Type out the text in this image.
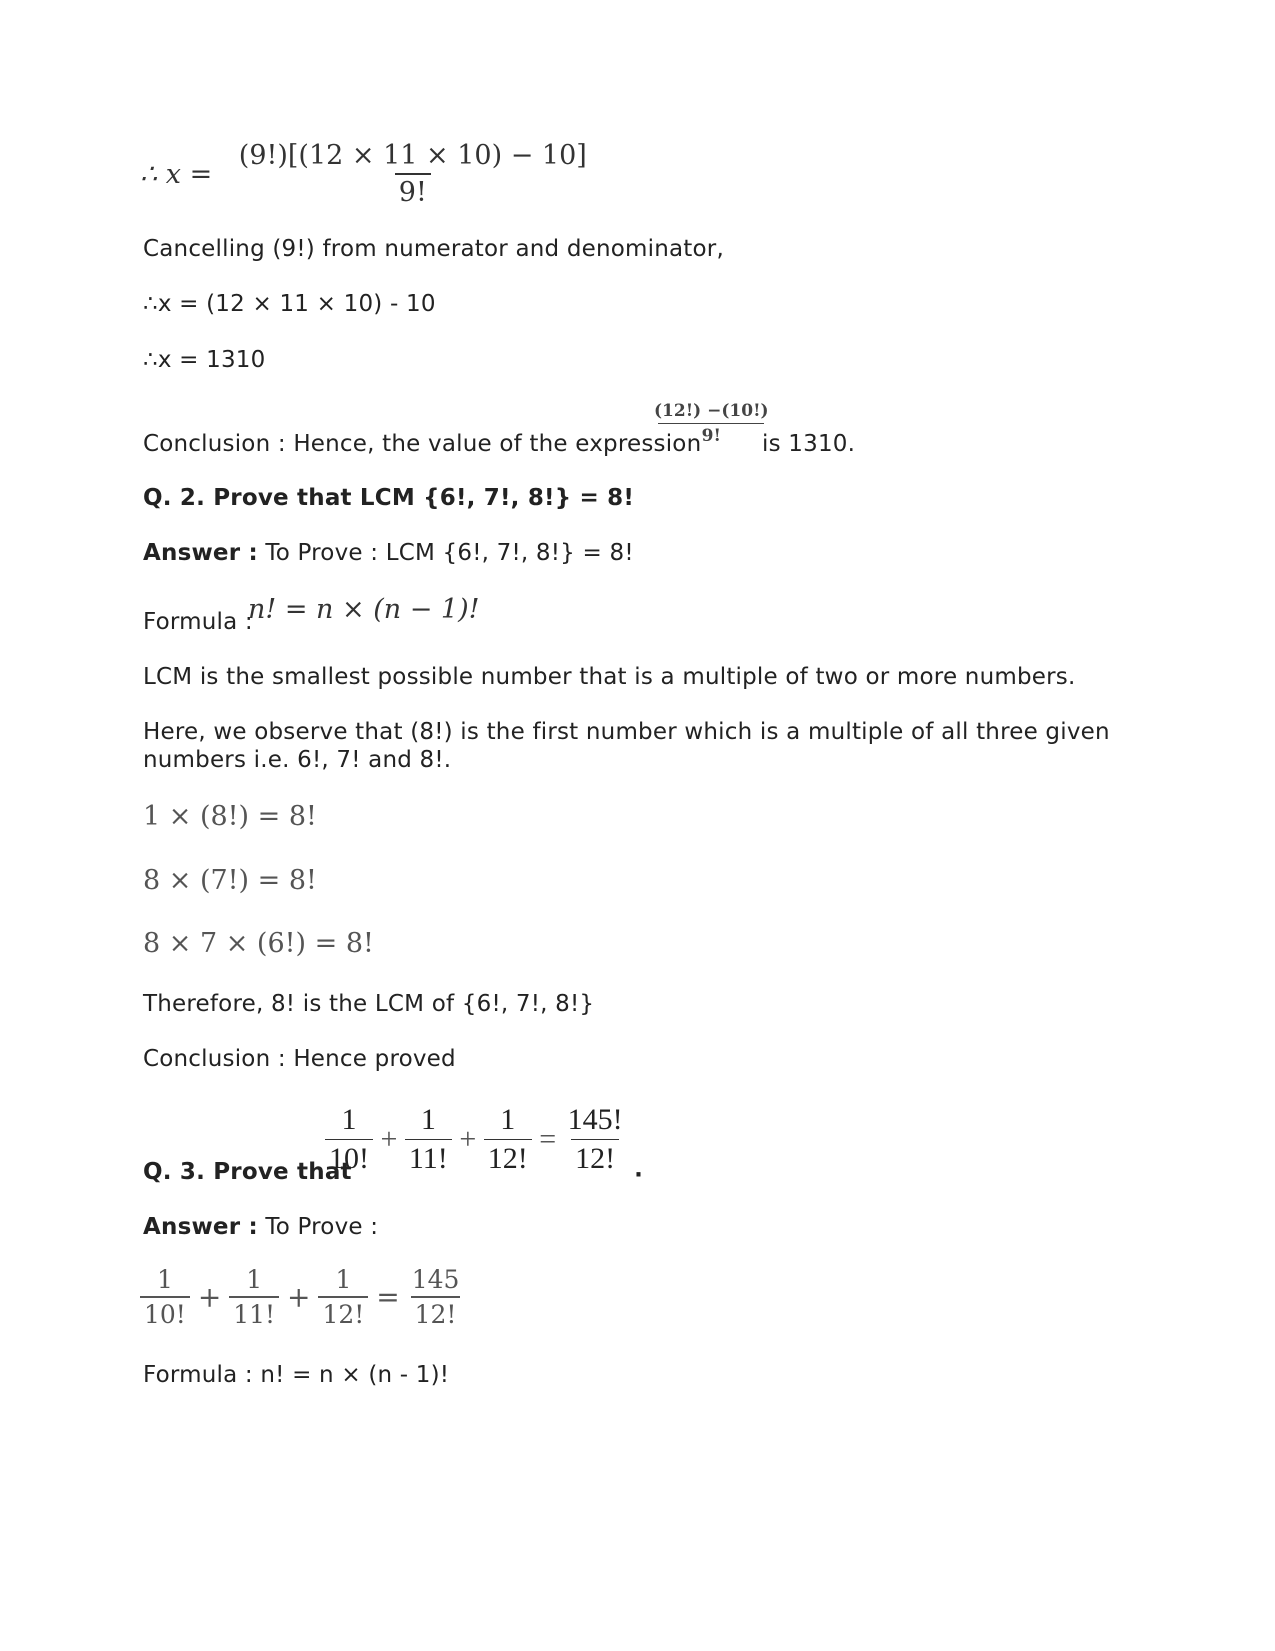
∴ $x = \frac{(9!)[(12 \times 11 \times 10) - 10]}{9!}$
Cancelling (9!) from numerator and denominator,
∴x = (12 × 11 × 10) - 10
∴x = 1310
Conclusion : Hence, the value of the expression
$\frac{(12!) -(10!)}{9!}$
is 1310.
Q. 2. Prove that LCM {6!, 7!, 8!} = 8!
Answer : To Prove : LCM {6!, 7!, 8!} = 8!
Formula :
n! = n × (n − 1)!
LCM is the smallest possible number that is a multiple of two or more numbers.
Here, we observe that (8!) is the first number which is a multiple of all three given
numbers i.e. 6!, 7! and 8!.
1 × (8!) = 8!
8 × (7!) = 8!
8 × 7 × (6!) = 8!
Therefore, 8! is the LCM of {6!, 7!, 8!}
Conclusion : Hence proved
Q. 3. Prove that
$\frac{1}{10!} + \frac{1}{11!} + \frac{1}{12!} = \frac{145!}{12!} _.$
Answer : To Prove :
$\frac{1}{10!} + \frac{1}{11!} + \frac{1}{12!} = \frac{145}{12!}$
Formula : n! = n × (n - 1)!
